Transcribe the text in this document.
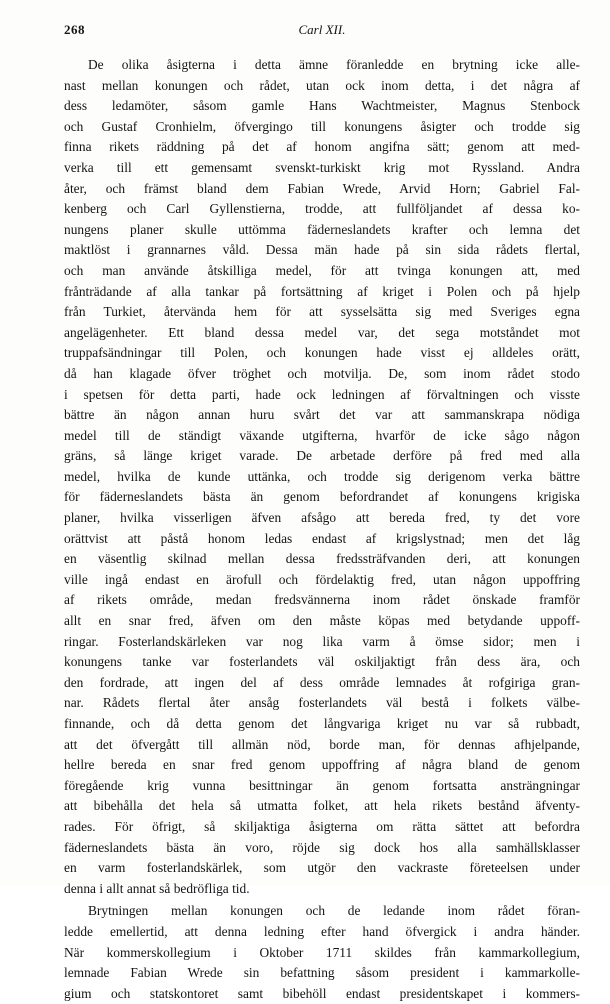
268	Carl XII.
De olika åsigterna i detta ämne föranledde en brytning icke alle-
nast mellan konungen och rådet, utan ock inom detta, i det några af
dess ledamöter, såsom gamle Hans Wachtmeister, Magnus Stenbock
och Gustaf Cronhielm, öfvergingo till konungens åsigter och trodde sig
finna rikets räddning på det af honom angifna sätt; genom att med-
verka till ett gemensamt svenskt-turkiskt krig mot Ryssland. Andra
åter, och främst bland dem Fabian Wrede, Arvid Horn; Gabriel Fal-
kenberg och Carl Gyllenstierna, trodde, att fullföljandet af dessa ko-
nungens planer skulle uttömma fäderneslandets krafter och lemna det
maktlöst i grannarnes våld. Dessa män hade på sin sida rådets flertal,
och man använde åtskilliga medel, för att tvinga konungen att, med
frånträdande af alla tankar på fortsättning af kriget i Polen och på hjelp
från Turkiet, återvända hem för att sysselsätta sig med Sveriges egna
angelägenheter. Ett bland dessa medel var, det sega motståndet mot
truppafsändningar till Polen, och konungen hade visst ej alldeles orätt,
då han klagade öfver tröghet och motvilja. De, som inom rådet stodo
i spetsen för detta parti, hade ock ledningen af förvaltningen och visste
bättre än någon annan huru svårt det var att sammanskrapa nödiga
medel till de ständigt växande utgifterna, hvarför de icke sågo någon
gräns, så länge kriget varade. De arbetade derföre på fred med alla
medel, hvilka de kunde uttänka, och trodde sig derigenom verka bättre
för fäderneslandets bästa än genom befordrandet af konungens krigiska
planer, hvilka visserligen äfven afsågo att bereda fred, ty det vore
orättvist att påstå honom ledas endast af krigslystnad; men det låg
en väsentlig skilnad mellan dessa fredssträfvanden deri, att konungen
ville ingå endast en ärofull och fördelaktig fred, utan någon uppoffring
af rikets område, medan fredsvännerna inom rådet önskade framför
allt en snar fred, äfven om den måste köpas med betydande uppoff-
ringar. Fosterlandskärleken var nog lika varm å ömse sidor; men i
konungens tanke var fosterlandets väl oskiljaktigt från dess ära, och
den fordrade, att ingen del af dess område lemnades åt rofgiriga gran-
nar. Rådets flertal åter ansåg fosterlandets väl bestå i folkets välbe-
finnande, och då detta genom det långvariga kriget nu var så rubbadt,
att det öfvergått till allmän nöd, borde man, för dennas afhjelpande,
hellre bereda en snar fred genom uppoffring af några bland de genom
föregående krig vunna besittningar än genom fortsatta ansträngningar
att bibehålla det hela så utmatta folket, att hela rikets bestånd äfventy-
rades. För öfrigt, så skiljaktiga åsigterna om rätta sättet att befordra
fäderneslandets bästa än voro, röjde sig dock hos alla samhällsklasser
en varm fosterlandskärlek, som utgör den vackraste företeelsen under
denna i allt annat så bedröfliga tid.
Brytningen mellan konungen och de ledande inom rådet föran-
ledde emellertid, att denna ledning efter hand öfvergick i andra händer.
När kommerskollegium i Oktober 1711 skildes från kammarkollegium,
lemnade Fabian Wrede sin befattning såsom president i kammarkolle-
gium och statskontoret samt bibehöll endast presidentskapet i kommers-
